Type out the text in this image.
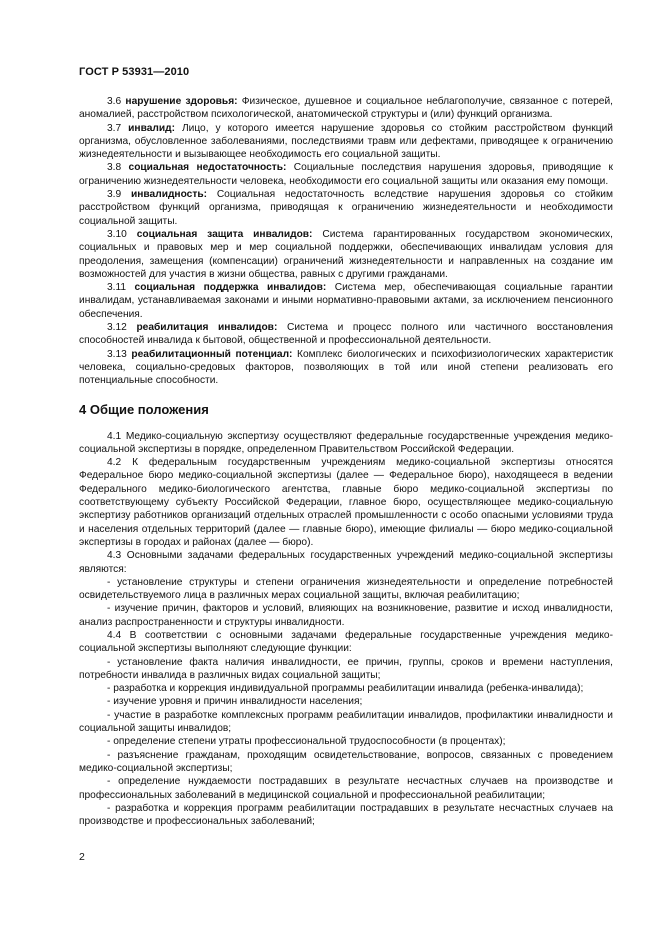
ГОСТ Р 53931—2010

3.6 нарушение здоровья: Физическое, душевное и социальное неблагополучие, связанное с потерей, аномалией, расстройством психологической, анатомической структуры и (или) функций организма.

3.7 инвалид: Лицо, у которого имеется нарушение здоровья со стойким расстройством функций организма, обусловленное заболеваниями, последствиями травм или дефектами, приводящее к ограничению жизнедеятельности и вызывающее необходимость его социальной защиты.

3.8 социальная недостаточность: Социальные последствия нарушения здоровья, приводящие к ограничению жизнедеятельности человека, необходимости его социальной защиты или оказания ему помощи.

3.9 инвалидность: Социальная недостаточность вследствие нарушения здоровья со стойким расстройством функций организма, приводящая к ограничению жизнедеятельности и необходимости социальной защиты.

3.10 социальная защита инвалидов: Система гарантированных государством экономических, социальных и правовых мер и мер социальной поддержки, обеспечивающих инвалидам условия для преодоления, замещения (компенсации) ограничений жизнедеятельности и направленных на создание им возможностей для участия в жизни общества, равных с другими гражданами.

3.11 социальная поддержка инвалидов: Система мер, обеспечивающая социальные гарантии инвалидам, устанавливаемая законами и иными нормативно-правовыми актами, за исключением пенсионного обеспечения.

3.12 реабилитация инвалидов: Система и процесс полного или частичного восстановления способностей инвалида к бытовой, общественной и профессиональной деятельности.

3.13 реабилитационный потенциал: Комплекс биологических и психофизиологических характеристик человека, социально-средовых факторов, позволяющих в той или иной степени реализовать его потенциальные способности.

4 Общие положения

4.1 Медико-социальную экспертизу осуществляют федеральные государственные учреждения медико-социальной экспертизы в порядке, определенном Правительством Российской Федерации.

4.2 К федеральным государственным учреждениям медико-социальной экспертизы относятся Федеральное бюро медико-социальной экспертизы (далее — Федеральное бюро), находящееся в ведении Федерального медико-биологического агентства, главные бюро медико-социальной экспертизы по соответствующему субъекту Российской Федерации, главное бюро, осуществляющее медико-социальную экспертизу работников организаций отдельных отраслей промышленности с особо опасными условиями труда и населения отдельных территорий (далее — главные бюро), имеющие филиалы — бюро медико-социальной экспертизы в городах и районах (далее — бюро).

4.3 Основными задачами федеральных государственных учреждений медико-социальной экспертизы являются:

- установление структуры и степени ограничения жизнедеятельности и определение потребностей освидетельствуемого лица в различных мерах социальной защиты, включая реабилитацию;

- изучение причин, факторов и условий, влияющих на возникновение, развитие и исход инвалидности, анализ распространенности и структуры инвалидности.

4.4 В соответствии с основными задачами федеральные государственные учреждения медико-социальной экспертизы выполняют следующие функции:

- установление факта наличия инвалидности, ее причин, группы, сроков и времени наступления, потребности инвалида в различных видах социальной защиты;

- разработка и коррекция индивидуальной программы реабилитации инвалида (ребенка-инвалида);

- изучение уровня и причин инвалидности населения;

- участие в разработке комплексных программ реабилитации инвалидов, профилактики инвалидности и социальной защиты инвалидов;

- определение степени утраты профессиональной трудоспособности (в процентах);

- разъяснение гражданам, проходящим освидетельствование, вопросов, связанных с проведением медико-социальной экспертизы;

- определение нуждаемости пострадавших в результате несчастных случаев на производстве и профессиональных заболеваний в медицинской социальной и профессиональной реабилитации;

- разработка и коррекция программ реабилитации пострадавших в результате несчастных случаев на производстве и профессиональных заболеваний;

2
